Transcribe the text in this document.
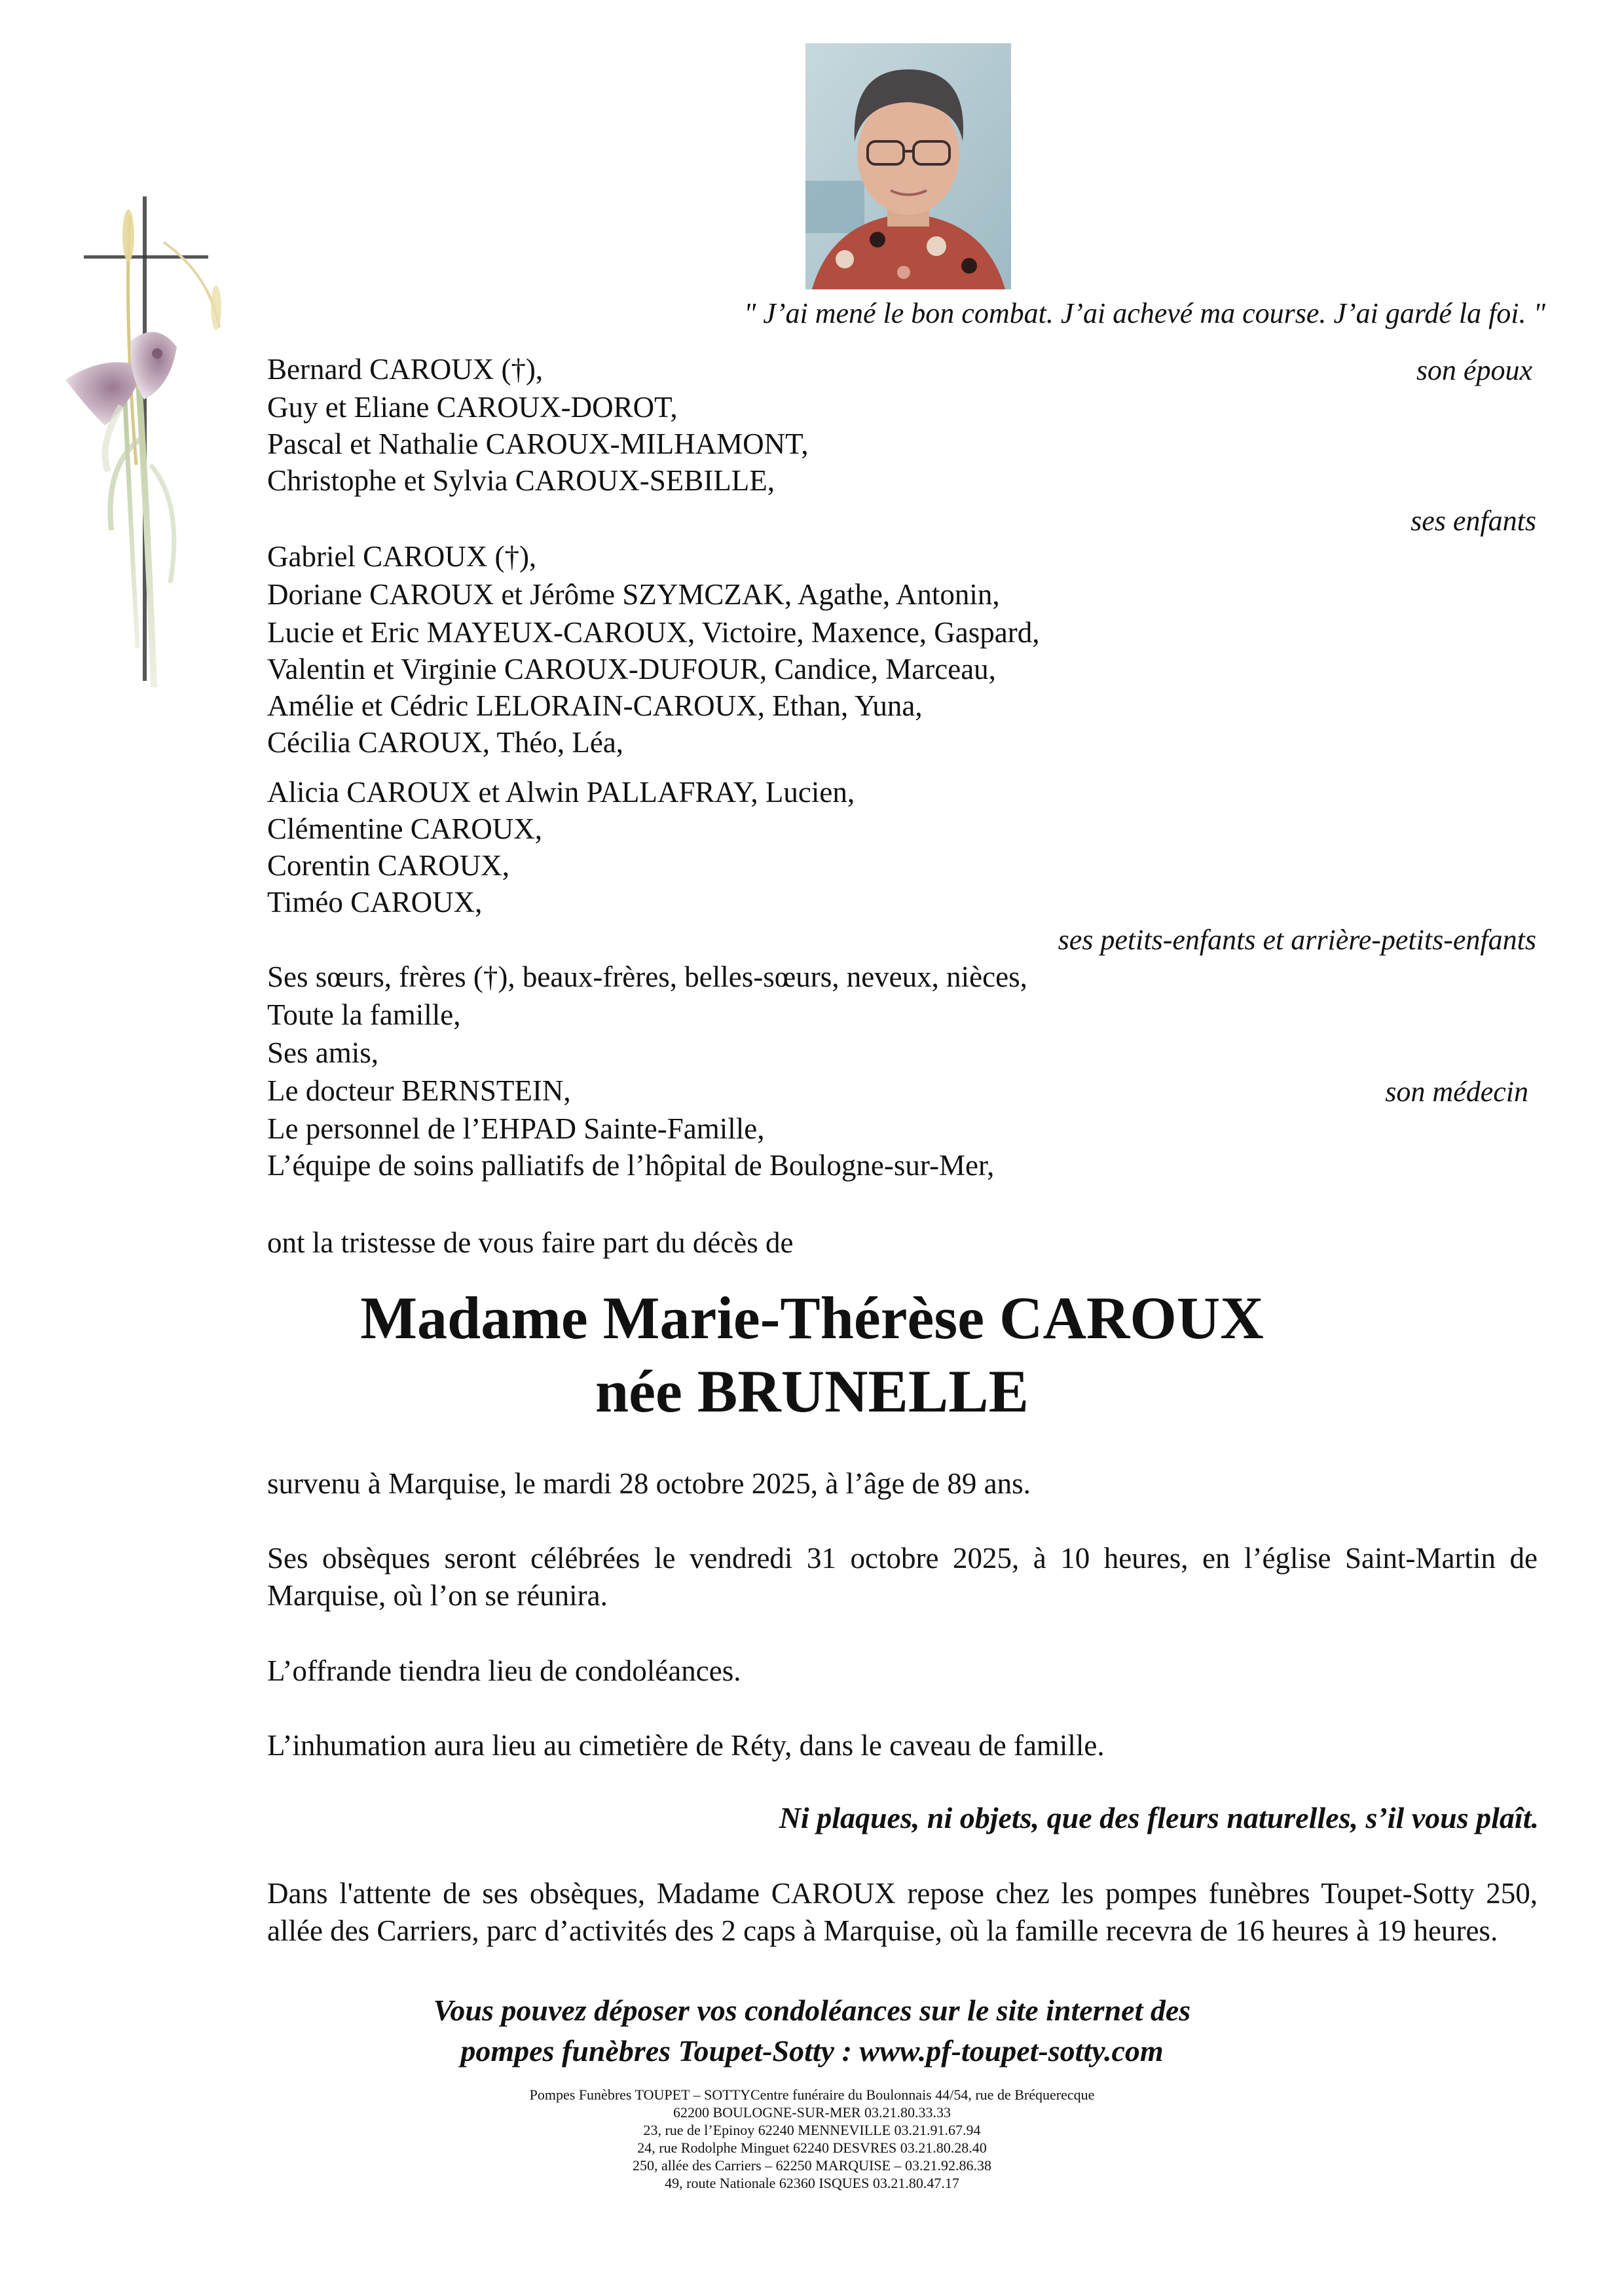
" J’ai mené le bon combat. J’ai achevé ma course. J’ai gardé la foi. "
Bernard CAROUX (†),
Guy et Eliane CAROUX-DOROT,
Pascal et Nathalie CAROUX-MILHAMONT,
Christophe et Sylvia CAROUX-SEBILLE,
Gabriel CAROUX (†),
Doriane CAROUX et Jérôme SZYMCZAK, Agathe, Antonin,
Lucie et Eric MAYEUX-CAROUX, Victoire, Maxence, Gaspard,
Valentin et Virginie CAROUX-DUFOUR, Candice, Marceau,
Amélie et Cédric LELORAIN-CAROUX, Ethan, Yuna,
Cécilia CAROUX, Théo, Léa,
Alicia CAROUX et Alwin PALLAFRAY, Lucien,
Clémentine CAROUX,
Corentin CAROUX,
Timéo CAROUX,
Ses sœurs, frères (†), beaux-frères, belles-sœurs, neveux, nièces,
Toute la famille,
Ses amis,
Le docteur BERNSTEIN,
Le personnel de l’EHPAD Sainte-Famille,
L’équipe de soins palliatifs de l’hôpital de Boulogne-sur-Mer,
son époux
ses enfants
ses petits-enfants et arrière-petits-enfants
son médecin
ont la tristesse de vous faire part du décès de
Madame Marie-Thérèse CAROUX
née BRUNELLE
survenu à Marquise, le mardi 28 octobre 2025, à l’âge de 89 ans.
Ses obsèques seront célébrées le vendredi 31 octobre 2025, à 10 heures, en l’église Saint-Martin de Marquise, où l’on se réunira.
L’offrande tiendra lieu de condoléances.
L’inhumation aura lieu au cimetière de Réty, dans le caveau de famille.
Ni plaques, ni objets, que des fleurs naturelles, s’il vous plaît.
Dans l'attente de ses obsèques, Madame CAROUX repose chez les pompes funèbres Toupet-Sotty 250, allée des Carriers, parc d’activités des 2 caps à Marquise, où la famille recevra de 16 heures à 19 heures.
Vous pouvez déposer vos condoléances sur le site internet des
pompes funèbres Toupet-Sotty : www.pf-toupet-sotty.com
Pompes Funèbres TOUPET – SOTTYCentre funéraire du Boulonnais 44/54, rue de Bréquerecque
62200 BOULOGNE-SUR-MER 03.21.80.33.33
23, rue de l’Epinoy 62240 MENNEVILLE 03.21.91.67.94
24, rue Rodolphe Minguet 62240 DESVRES 03.21.80.28.40
250, allée des Carriers – 62250 MARQUISE – 03.21.92.86.38
49, route Nationale 62360 ISQUES 03.21.80.47.17
